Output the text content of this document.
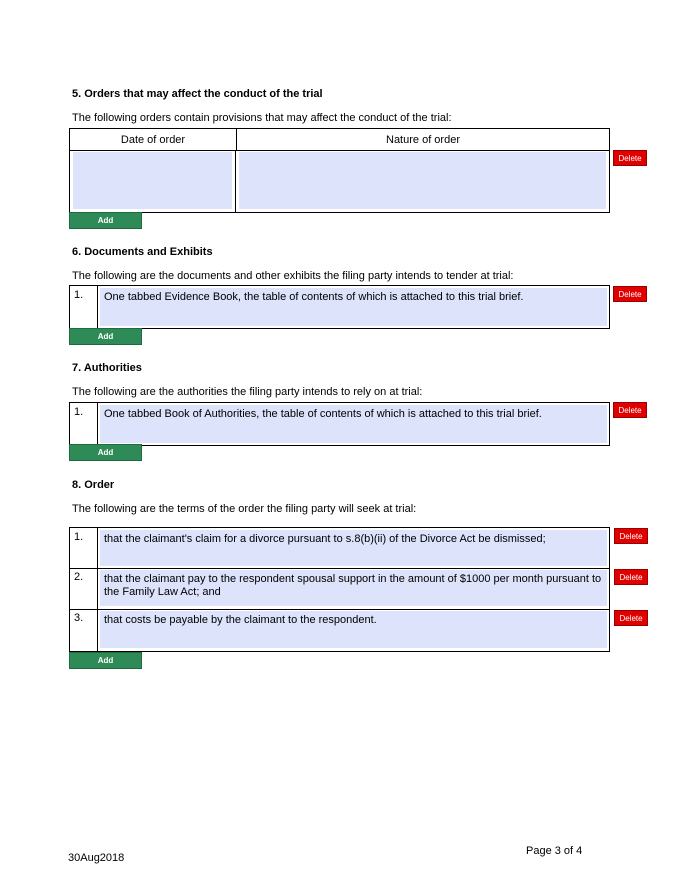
5. Orders that may affect the conduct of the trial
The following orders contain provisions that may affect the conduct of the trial:
Date of order	Nature of order
Delete
Add
6. Documents and Exhibits
The following are the documents and other exhibits the filing party intends to tender at trial:
1.	One tabbed Evidence Book, the table of contents of which is attached to this trial brief.	Delete
Add
7. Authorities
The following are the authorities the filing party intends to rely on at trial:
1.	One tabbed Book of Authorities, the table of contents of which is attached to this trial brief.	Delete
Add
8. Order
The following are the terms of the order the filing party will seek at trial:
1.	that the claimant's claim for a divorce pursuant to s.8(b)(ii) of the Divorce Act be dismissed;	Delete
2.	that the claimant pay to the respondent spousal support in the amount of $1000 per month pursuant to the Family Law Act; and
Delete
3.	that costs be payable by the claimant to the respondent.	Delete
Add
Page 3 of 4
30Aug2018
